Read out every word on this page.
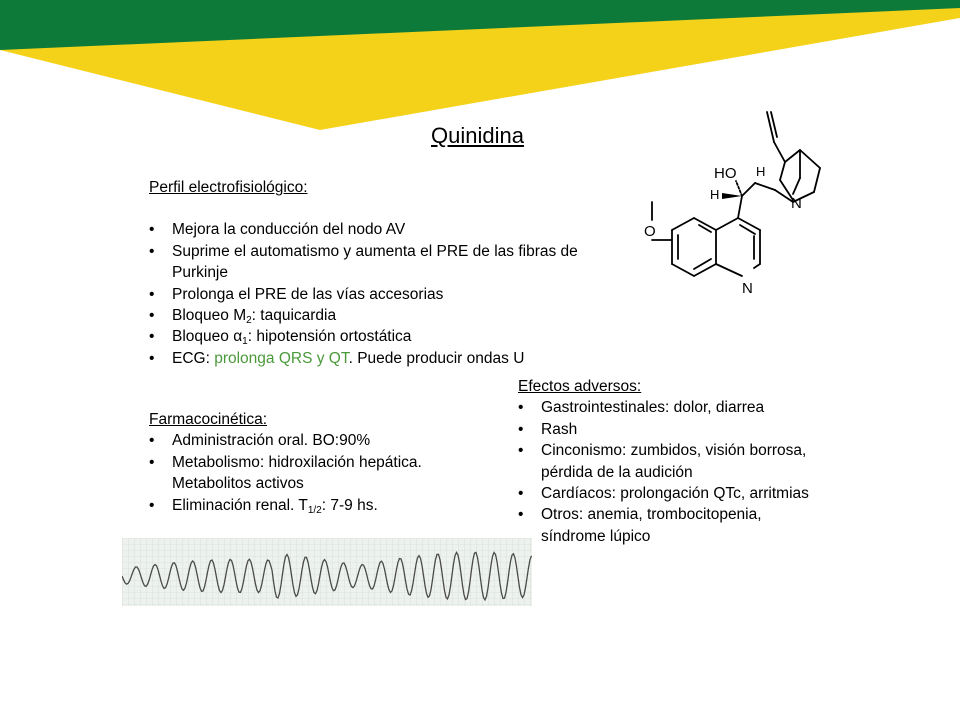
Quinidina
Perfil electrofisiológico:
• Mejora la conducción del nodo AV
• Suprime el automatismo y aumenta el PRE de las fibras de Purkinje
• Prolonga el PRE de las vías accesorias
• Bloqueo $M_2$: taquicardia
• Bloqueo $\alpha_1$: hipotensión ortostática
• ECG: prolonga QRS y QT. Puede producir ondas U
Farmacocinética:
• Administración oral. BO:90%
• Metabolismo: hidroxilación hepática. Metabolitos activos
• Eliminación renal. $T_{1/2}$: 7-9 hs.
Efectos adversos:
• Gastrointestinales: dolor, diarrea
• Rash
• Cinconismo: zumbidos, visión borrosa, pérdida de la audición
• Cardíacos: prolongación QTc, arritmias
• Otros: anemia, trombocitopenia, síndrome lúpico
HO H
H
O
N
N
